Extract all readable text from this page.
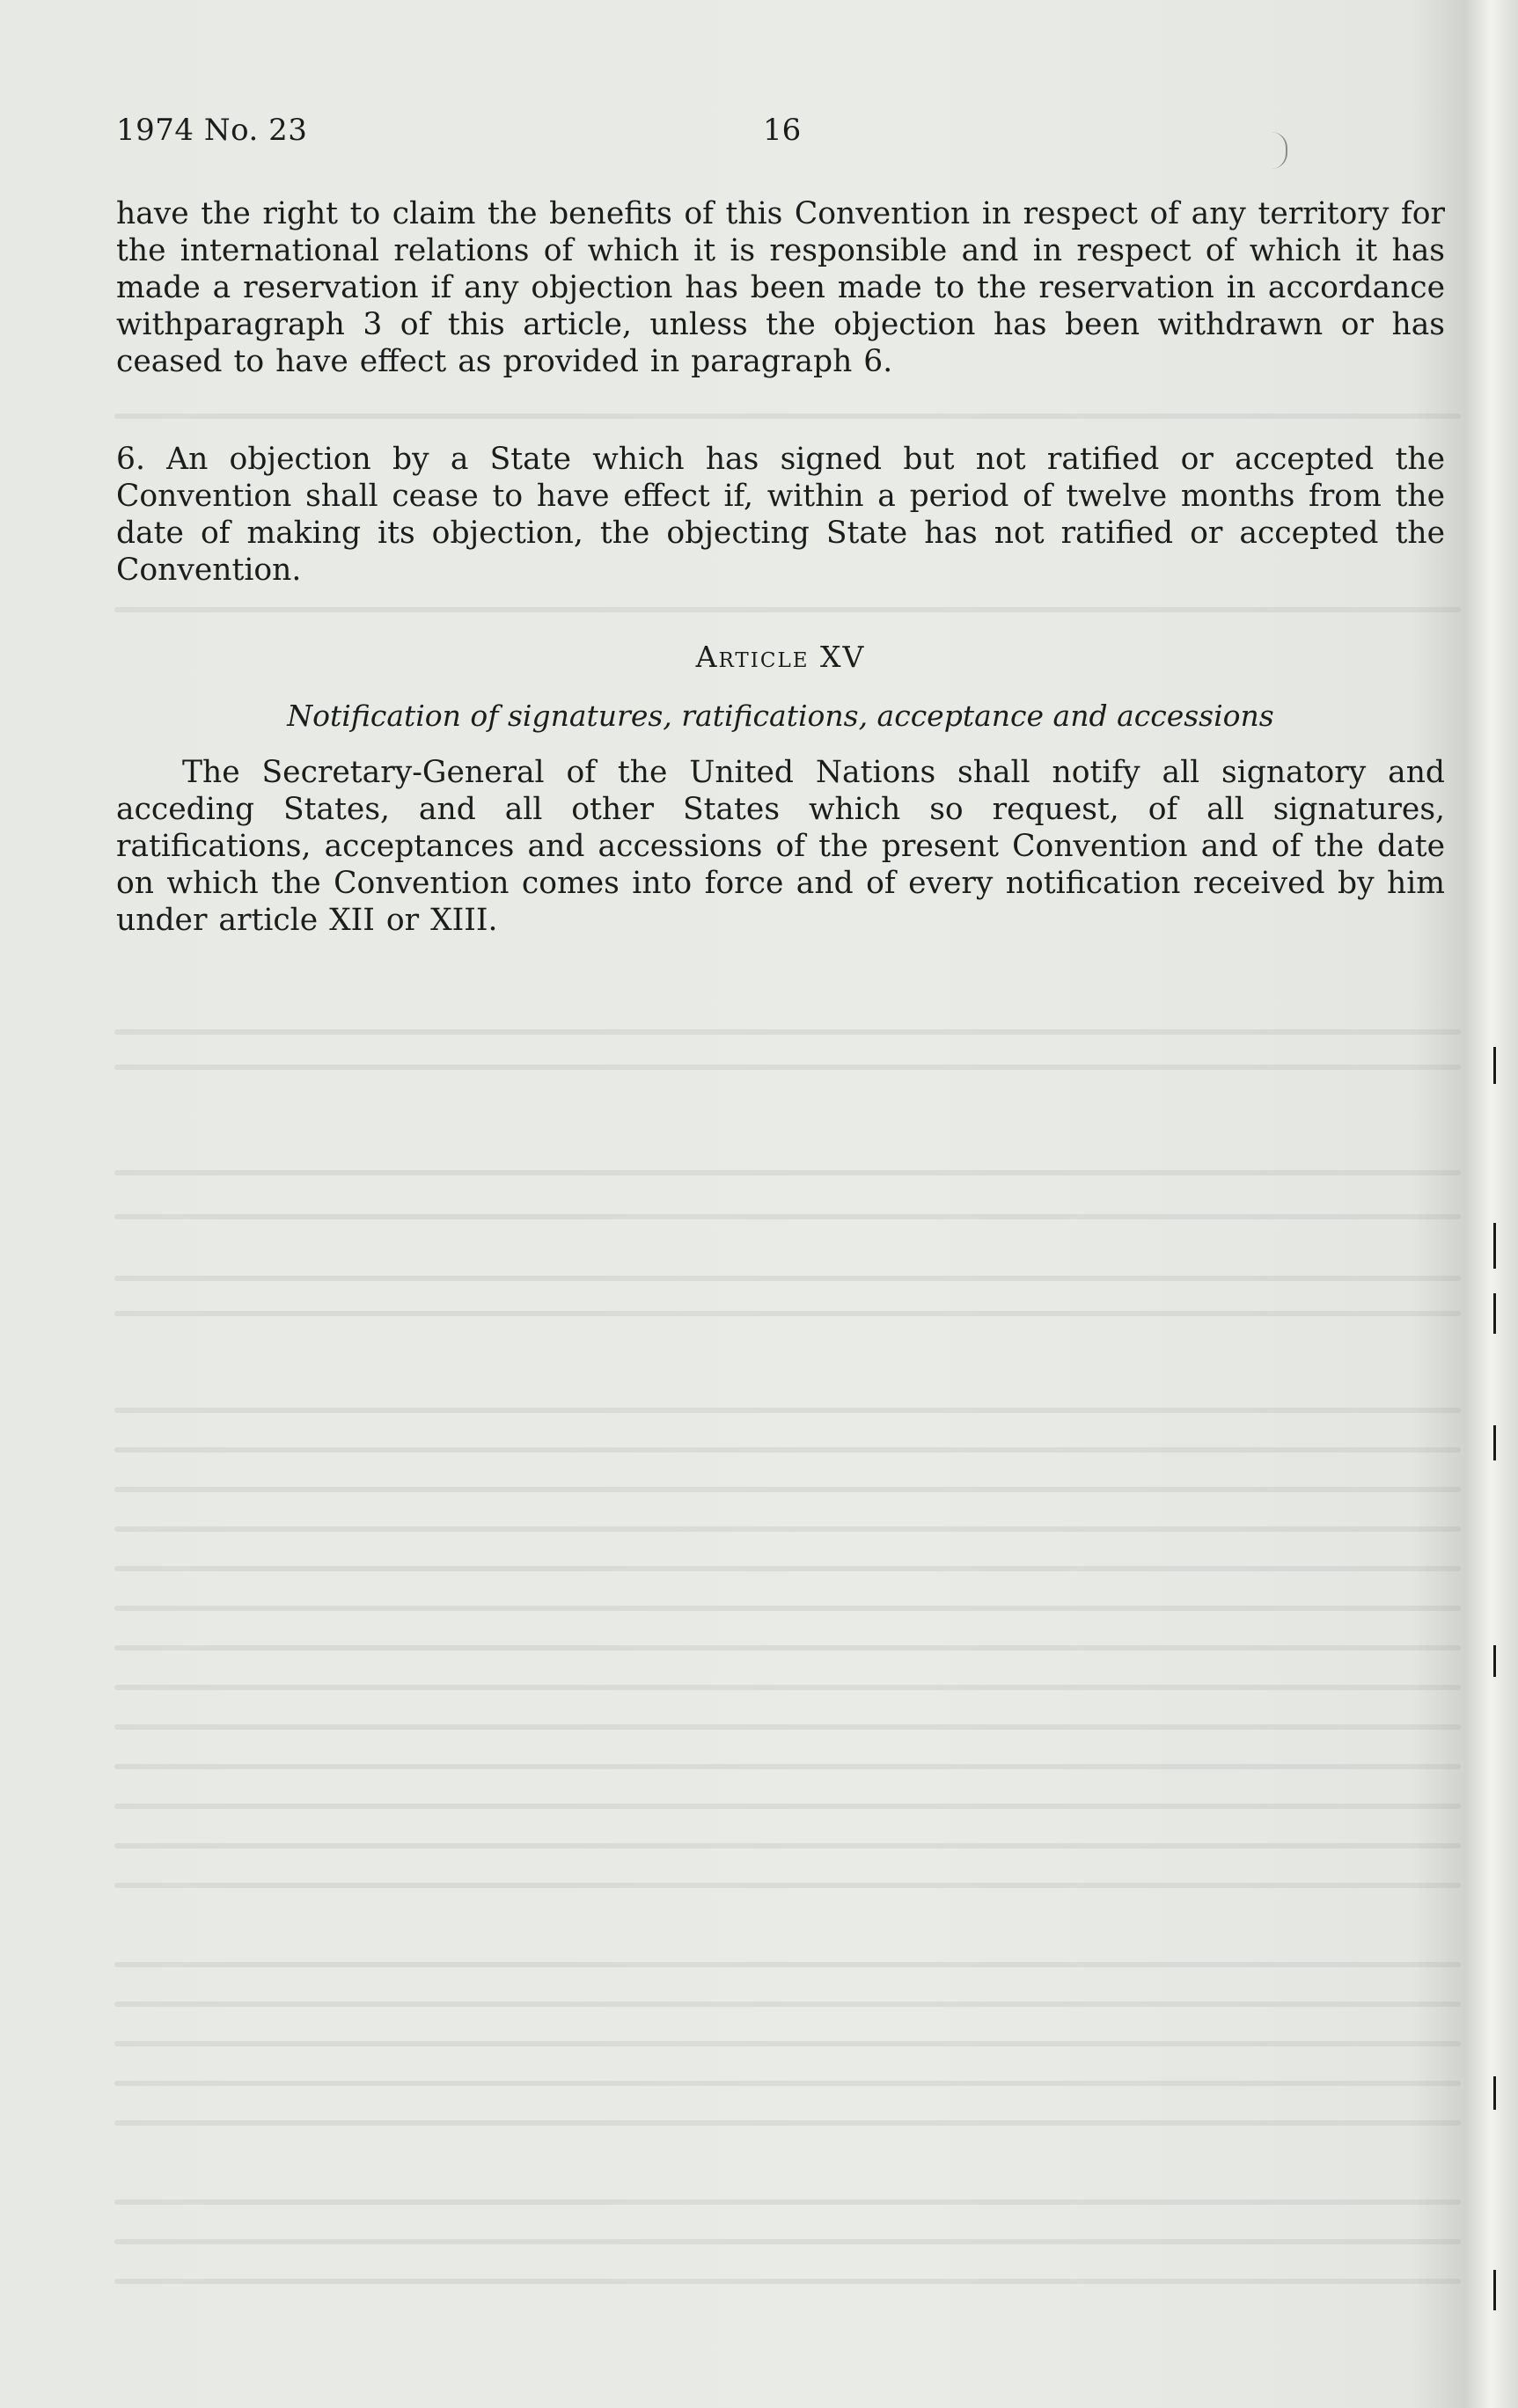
1974 No. 23	16

have the right to claim the benefits of this Convention in respect of any territory for the international relations of which it is responsible and in respect of which it has made a reservation if any objection has been made to the reservation in accordance withparagraph 3 of this article, unless the objection has been withdrawn or has ceased to have effect as provided in paragraph 6.

6. An objection by a State which has signed but not ratified or accepted the Convention shall cease to have effect if, within a period of twelve months from the date of making its objection, the objecting State has not ratified or accepted the Convention.

Article XV
Notification of signatures, ratifications, acceptance and accessions

The Secretary-General of the United Nations shall notify all signatory and acceding States, and all other States which so request, of all signatures, ratifications, acceptances and accessions of the present Convention and of the date on which the Convention comes into force and of every notification received by him under article XII or XIII.
